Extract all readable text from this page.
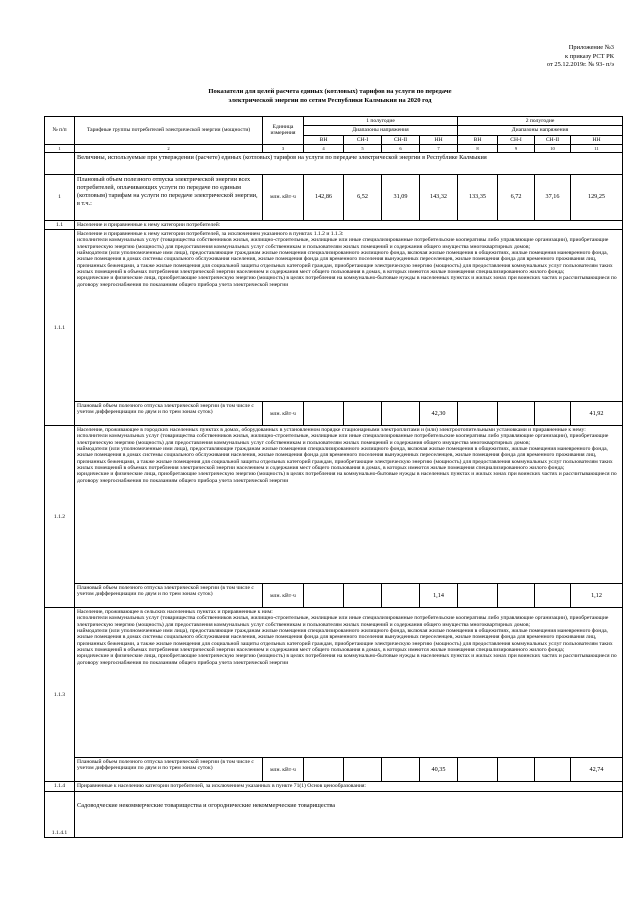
Приложение №3
к приказу РСТ РК
от 25.12.2019г. № 93- п/э
Показатели для целей расчета единых (котловых) тарифов на услуги по передаче
электрической энергии по сетям Республики Калмыкия на 2020 год
№ п/п	Тарифные группы потребителей электрической энергии (мощности)	Единица измерения	1 полугодие				2 полугодие			
			Диапазоны напряжения				Диапазоны напряжения			
			ВН	СН-I	СН-II	НН	ВН	СН-I	СН-II	НН
1	2	3	4	5	6	7	8	9	10	11
	Величины, используемые при утверждении (расчете) единых (котловых) тарифов на услуги по передаче электрической энергии в Республике Калмыкия									
1	Плановый объем полезного отпуска электрической энергии всех потребителей, оплачивающих услуги по передаче по единым (котловым) тарифам на услуги по передаче электрической энергии, в т.ч.:	млн. кВт·ч	142,86	6,52	31,09	143,32	133,35	6,72	37,16	129,25
1.1	Население и приравненные к нему категории потребителей:									
1.1.1	Население и приравненные к нему категории потребителей, за исключением указанного в пунктах 1.1.2 и 1.1.3:
исполнители коммунальных услуг (товарищества собственников жилья, жилищно-строительные, жилищные или иные специализированные потребительские кооперативы либо управляющие организации), приобретающие электрическую энергию (мощность) для предоставления коммунальных услуг собственникам и пользователям жилых помещений и содержания общего имущества многоквартирных домов;
наймодатели (или уполномоченные ими лица), предоставляющие гражданам жилые помещения специализированного жилищного фонда, включая жилые помещения в общежитиях, жилые помещения маневренного фонда, жилые помещения в домах системы социального обслуживания населения, жилые помещения фонда для временного поселения вынужденных переселенцев, жилые помещения фонда для временного проживания лиц, признанных беженцами, а также жилые помещения для социальной защиты отдельных категорий граждан, приобретающие электрическую энергию (мощность) для предоставления коммунальных услуг пользователям таких жилых помещений в объемах потребления электрической энергии населением и содержания мест общего пользования в домах, в которых имеются жилые помещения специализированного жилого фонда;
юридические и физические лица, приобретающие электрическую энергию (мощность) в целях потребления на коммунально-бытовые нужды в населенных пунктах и жилых зонах при воинских частях и рассчитывающиеся по договору энергоснабжения по показаниям общего прибора учета электрической энергии									

	Плановый объем полезного отпуска электрической энергии (в том числе с учетом дифференциации по двум и по трем зонам суток)	млн. кВт·ч				42,30				41,92
1.1.2	Население, проживающее в городских населенных пунктах в домах, оборудованных в установленном порядке стационарными электроплитами и (или) электроотопительными установками и приравненные к нему:
исполнители коммунальных услуг (товарищества собственников жилья, жилищно-строительные, жилищные или иные специализированные потребительские кооперативы либо управляющие организации), приобретающие электрическую энергию (мощность) для предоставления коммунальных услуг собственникам и пользователям жилых помещений и содержания общего имущества многоквартирных домов;
наймодатели (или уполномоченные ими лица), предоставляющие гражданам жилые помещения специализированного жилищного фонда, включая жилые помещения в общежитиях, жилые помещения маневренного фонда, жилые помещения в домах системы социального обслуживания населения, жилые помещения фонда для временного поселения вынужденных переселенцев, жилые помещения фонда для временного проживания лиц, признанных беженцами, а также жилые помещения для социальной защиты отдельных категорий граждан, приобретающие электрическую энергию (мощность) для предоставления коммунальных услуг пользователям таких жилых помещений в объемах потребления электрической энергии населением и содержания мест общего пользования в домах, в которых имеются жилые помещения специализированного жилого фонда;
юридические и физические лица, приобретающие электрическую энергию (мощность) в целях потребления на коммунально-бытовые нужды в населенных пунктах и жилых зонах при воинских частях и рассчитывающиеся по договору энергоснабжения по показаниям общего прибора учета электрической энергии									

	Плановый объем полезного отпуска электрической энергии (в том числе с учетом дифференциации по двум и по трем зонам суток)	млн. кВт·ч				1,14				1,12
1.1.3	Население, проживающее в сельских населенных пунктах и приравненные к ним:
исполнители коммунальных услуг (товарищества собственников жилья, жилищно-строительные, жилищные или иные специализированные потребительские кооперативы либо управляющие организации), приобретающие электрическую энергию (мощность) для предоставления коммунальных услуг собственникам и пользователям жилых помещений и содержания общего имущества многоквартирных домов;
наймодатели (или уполномоченные ими лица), предоставляющие гражданам жилые помещения специализированного жилищного фонда, включая жилые помещения в общежитиях, жилые помещения маневренного фонда, жилые помещения в домах системы социального обслуживания населения, жилые помещения фонда для временного поселения вынужденных переселенцев, жилые помещения фонда для временного проживания лиц, признанных беженцами, а также жилые помещения для социальной защиты отдельных категорий граждан, приобретающие электрическую энергию (мощность) для предоставления коммунальных услуг пользователям таких жилых помещений в объемах потребления электрической энергии населением и содержания мест общего пользования в домах, в которых имеются жилые помещения специализированного жилого фонда;
юридические и физические лица, приобретающие электрическую энергию (мощность) в целях потребления на коммунально-бытовые нужды в населенных пунктах и жилых зонах при воинских частях и рассчитывающиеся по договору энергоснабжения по показаниям общего прибора учета электрической энергии									

	Плановый объем полезного отпуска электрической энергии (в том числе с учетом дифференциации по двум и по трем зонам суток)	млн. кВт·ч				40,35				42,74
1.1.4	Приравненные к населению категории потребителей, за исключением указанных в пункте 71(1) Основ ценообразования:									
1.1.4.1	Садоводческие некоммерческие товарищества и огороднические некоммерческие товарищества									
